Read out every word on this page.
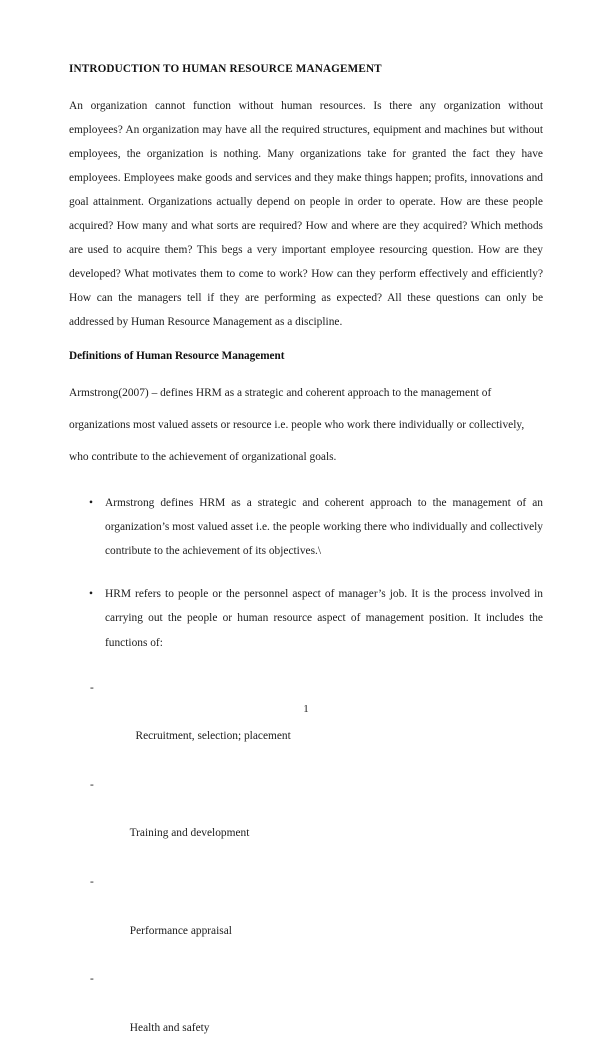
INTRODUCTION TO HUMAN RESOURCE MANAGEMENT

An organization cannot function without human resources. Is there any organization without employees? An organization may have all the required structures, equipment and machines but without employees, the organization is nothing. Many organizations take for granted the fact they have employees. Employees make goods and services and they make things happen; profits, innovations and goal attainment. Organizations actually depend on people in order to operate. How are these people acquired? How many and what sorts are required? How and where are they acquired? Which methods are used to acquire them? This begs a very important employee resourcing question. How are they developed? What motivates them to come to work? How can they perform effectively and efficiently? How can the managers tell if they are performing as expected? All these questions can only be addressed by Human Resource Management as a discipline.

Definitions of Human Resource Management

Armstrong(2007) – defines HRM as a strategic and coherent approach to the management of organizations most valued assets or resource i.e. people who work there individually or collectively, who contribute to the achievement of organizational goals.

• Armstrong defines HRM as a strategic and coherent approach to the management of an organization’s most valued asset i.e. the people working there who individually and collectively contribute to the achievement of its objectives.\
• HRM refers to people or the personnel aspect of manager’s job. It is the process involved in carrying out the people or human resource aspect of management position. It includes the functions of:

-

Recruitment, selection; placement

-

Training and development

-

Performance appraisal

-

Health and safety

1
